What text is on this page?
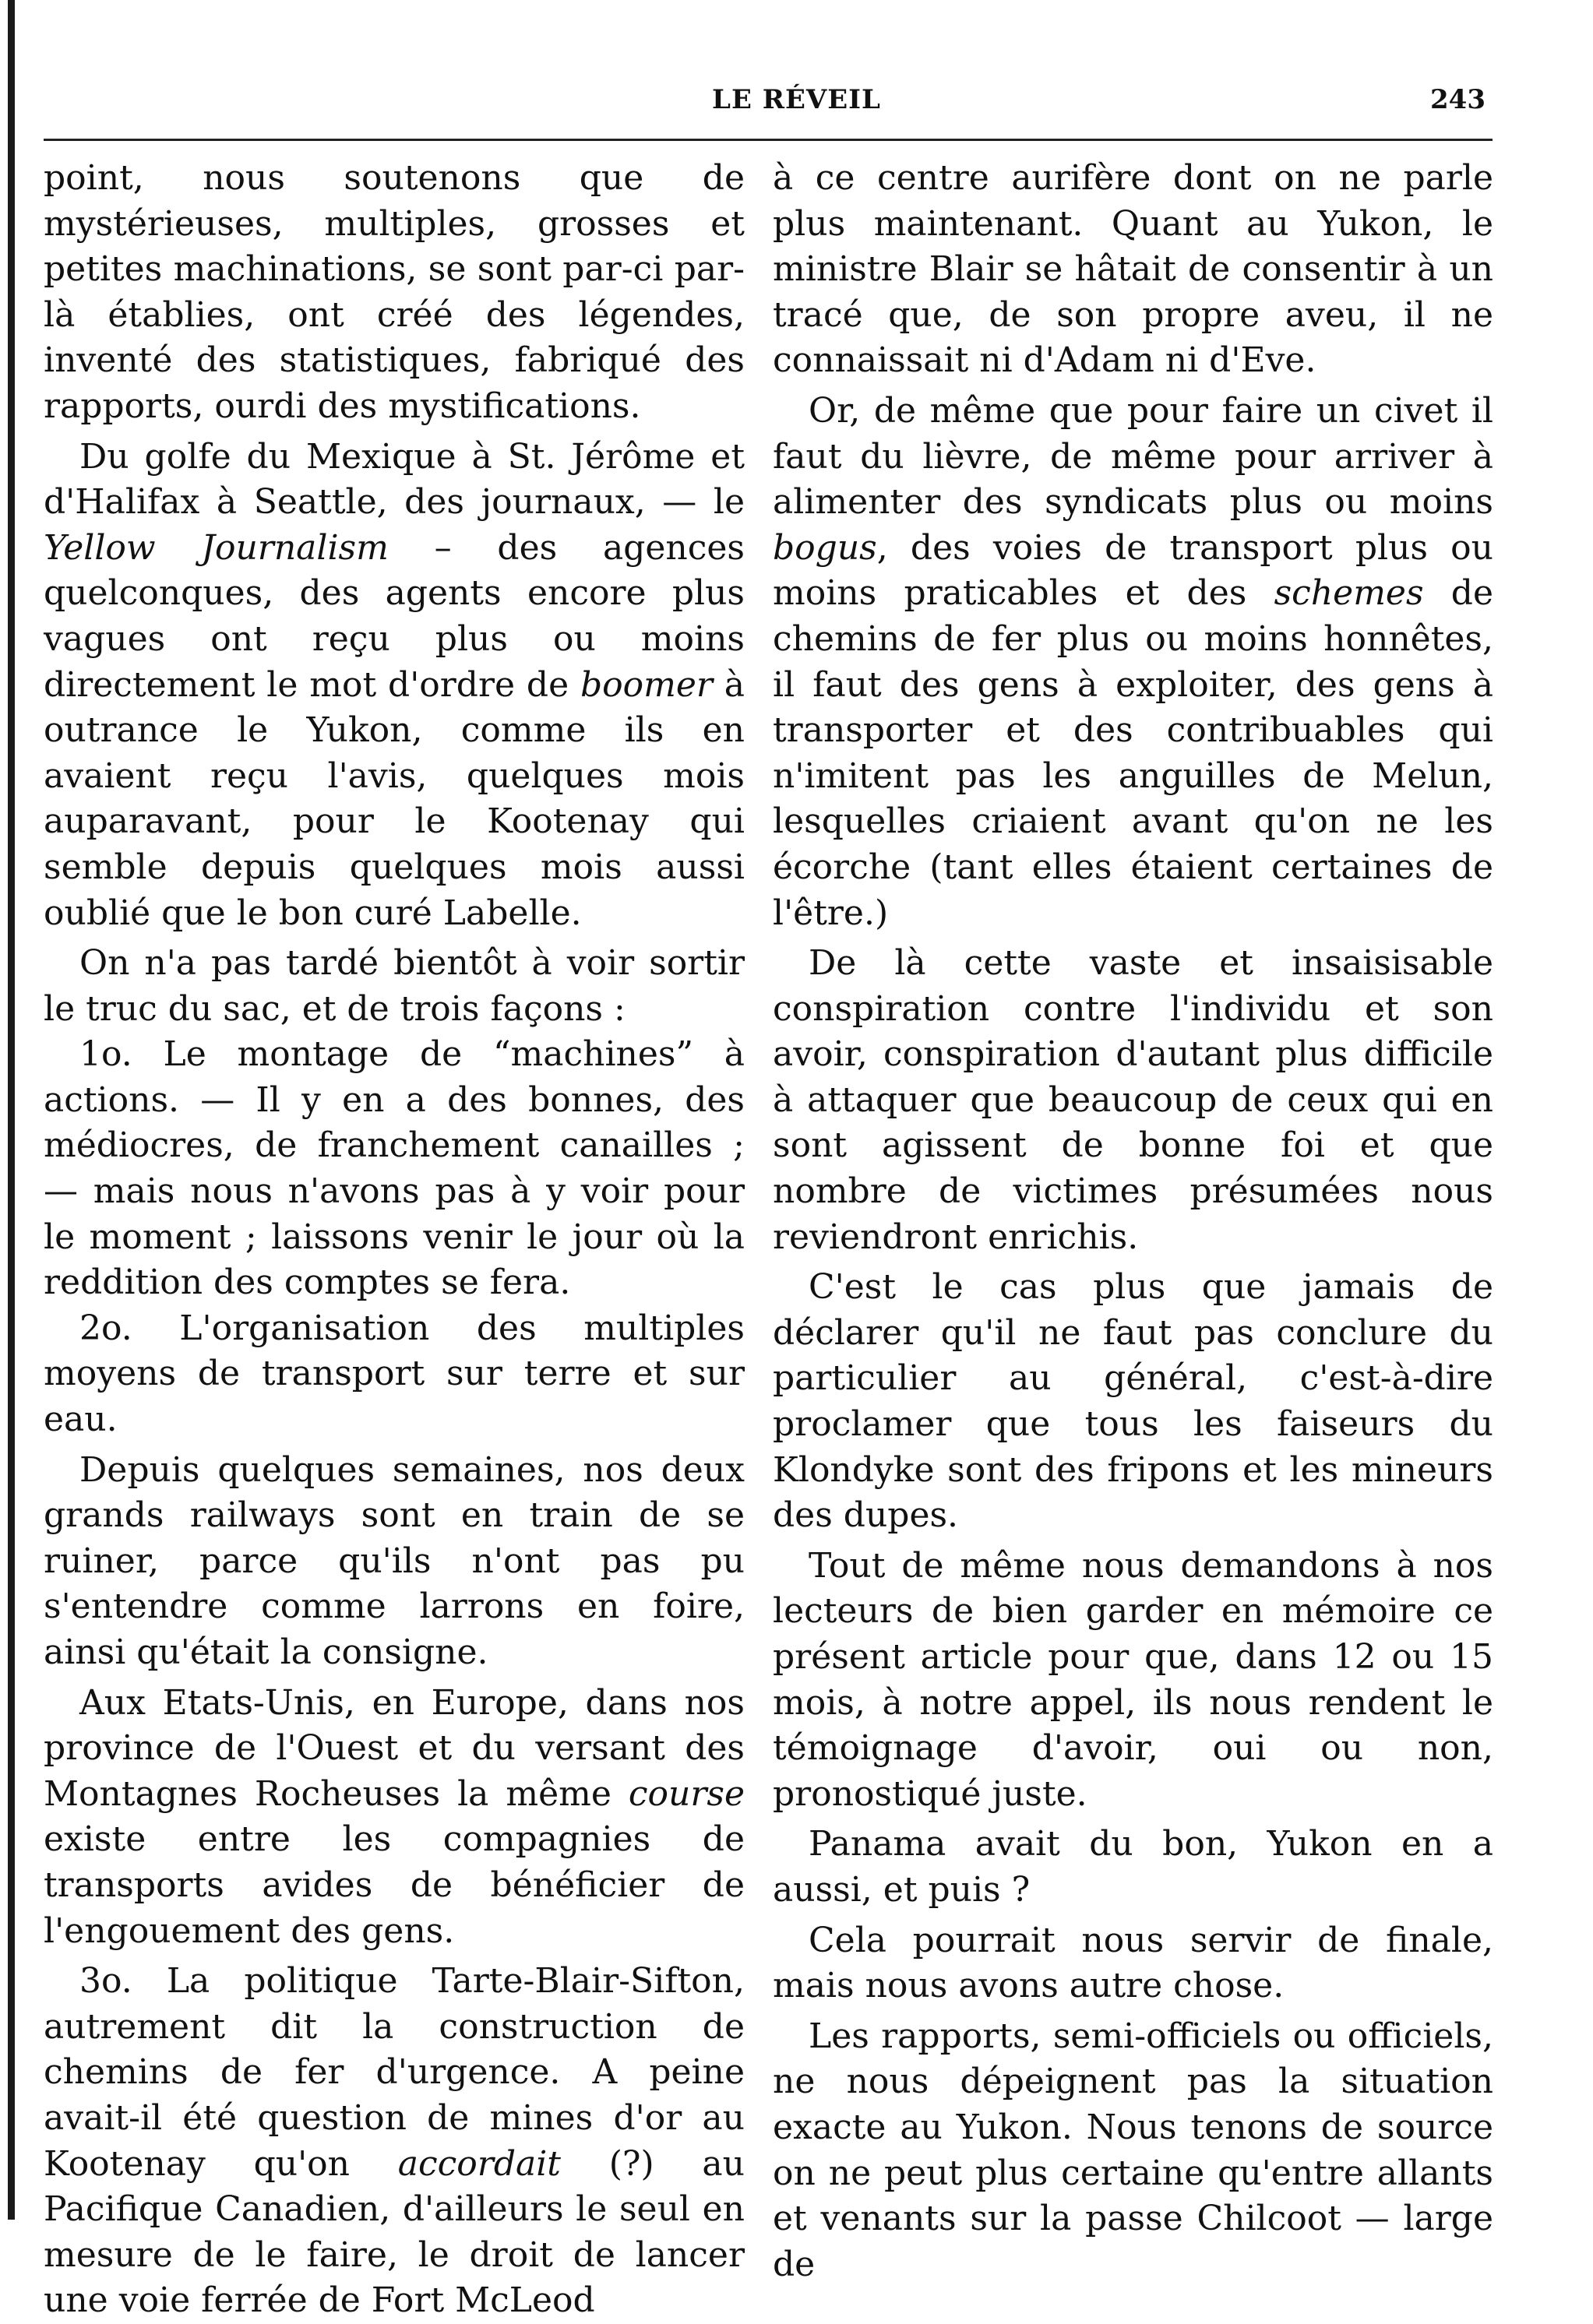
LE RÉVEIL	243

point, nous soutenons que de mystérieuses, multiples, grosses et petites machinations, se sont par-ci par-là établies, ont créé des légendes, inventé des statistiques, fabriqué des rapports, ourdi des mystifications.

Du golfe du Mexique à St. Jérôme et d'Halifax à Seattle, des journaux, — le Yellow Journalism – des agences quelconques, des agents encore plus vagues ont reçu plus ou moins directement le mot d'ordre de boomer à outrance le Yukon, comme ils en avaient reçu l'avis, quelques mois auparavant, pour le Kootenay qui semble depuis quelques mois aussi oublié que le bon curé Labelle.

On n'a pas tardé bientôt à voir sortir le truc du sac, et de trois façons :

1o. Le montage de “machines” à actions. — Il y en a des bonnes, des médiocres, de franchement canailles ; — mais nous n'avons pas à y voir pour le moment ; laissons venir le jour où la reddition des comptes se fera.

2o. L'organisation des multiples moyens de transport sur terre et sur eau.

Depuis quelques semaines, nos deux grands railways sont en train de se ruiner, parce qu'ils n'ont pas pu s'entendre comme larrons en foire, ainsi qu'était la consigne.

Aux Etats-Unis, en Europe, dans nos province de l'Ouest et du versant des Montagnes Rocheuses la même course existe entre les compagnies de transports avides de bénéficier de l'engouement des gens.

3o. La politique Tarte-Blair-Sifton, autrement dit la construction de chemins de fer d'urgence. A peine avait-il été question de mines d'or au Kootenay qu'on accordait (?) au Pacifique Canadien, d'ailleurs le seul en mesure de le faire, le droit de lancer une voie ferrée de Fort McLeod

à ce centre aurifère dont on ne parle plus maintenant. Quant au Yukon, le ministre Blair se hâtait de consentir à un tracé que, de son propre aveu, il ne connaissait ni d'Adam ni d'Eve.

Or, de même que pour faire un civet il faut du lièvre, de même pour arriver à alimenter des syndicats plus ou moins bogus, des voies de transport plus ou moins praticables et des schemes de chemins de fer plus ou moins honnêtes, il faut des gens à exploiter, des gens à transporter et des contribuables qui n'imitent pas les anguilles de Melun, lesquelles criaient avant qu'on ne les écorche (tant elles étaient certaines de l'être.)

De là cette vaste et insaisisable conspiration contre l'individu et son avoir, conspiration d'autant plus difficile à attaquer que beaucoup de ceux qui en sont agissent de bonne foi et que nombre de victimes présumées nous reviendront enrichis.

C'est le cas plus que jamais de déclarer qu'il ne faut pas conclure du particulier au général, c'est-à-dire proclamer que tous les faiseurs du Klondyke sont des fripons et les mineurs des dupes.

Tout de même nous demandons à nos lecteurs de bien garder en mémoire ce présent article pour que, dans 12 ou 15 mois, à notre appel, ils nous rendent le témoignage d'avoir, oui ou non, pronostiqué juste.

Panama avait du bon, Yukon en a aussi, et puis ?

Cela pourrait nous servir de finale, mais nous avons autre chose.

Les rapports, semi-officiels ou officiels, ne nous dépeignent pas la situation exacte au Yukon. Nous tenons de source on ne peut plus certaine qu'entre allants et venants sur la passe Chilcoot — large de
